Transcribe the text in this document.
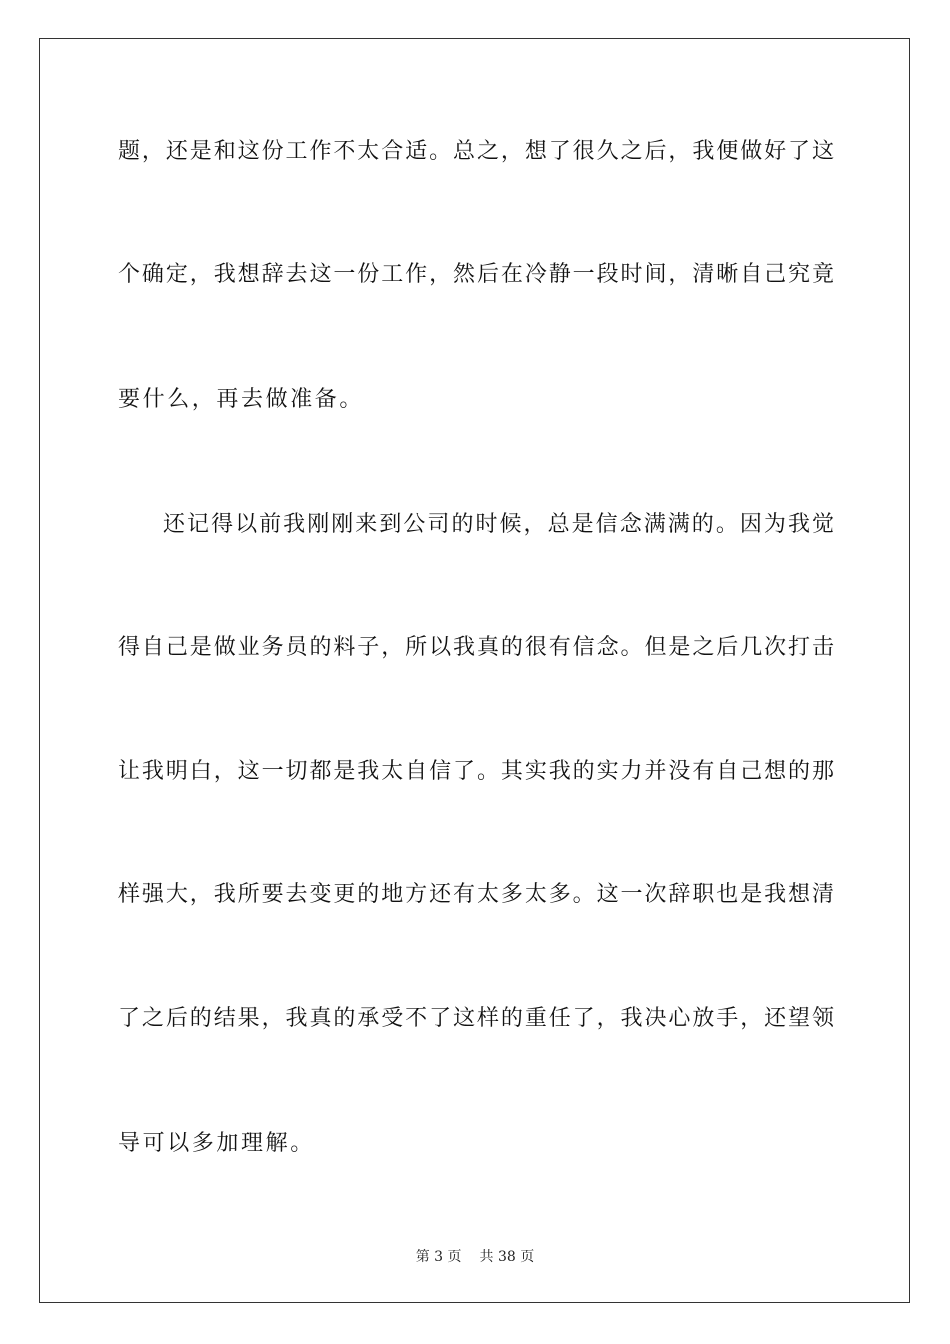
题，还是和这份工作不太合适。总之，想了很久之后，我便做好了这
个确定，我想辞去这一份工作，然后在冷静一段时间，清晰自己究竟
要什么，再去做准备。
还记得以前我刚刚来到公司的时候，总是信念满满的。因为我觉
得自己是做业务员的料子，所以我真的很有信念。但是之后几次打击
让我明白，这一切都是我太自信了。其实我的实力并没有自己想的那
样强大，我所要去变更的地方还有太多太多。这一次辞职也是我想清
了之后的结果，我真的承受不了这样的重任了，我决心放手，还望领
导可以多加理解。
第 3 页 共 38 页
